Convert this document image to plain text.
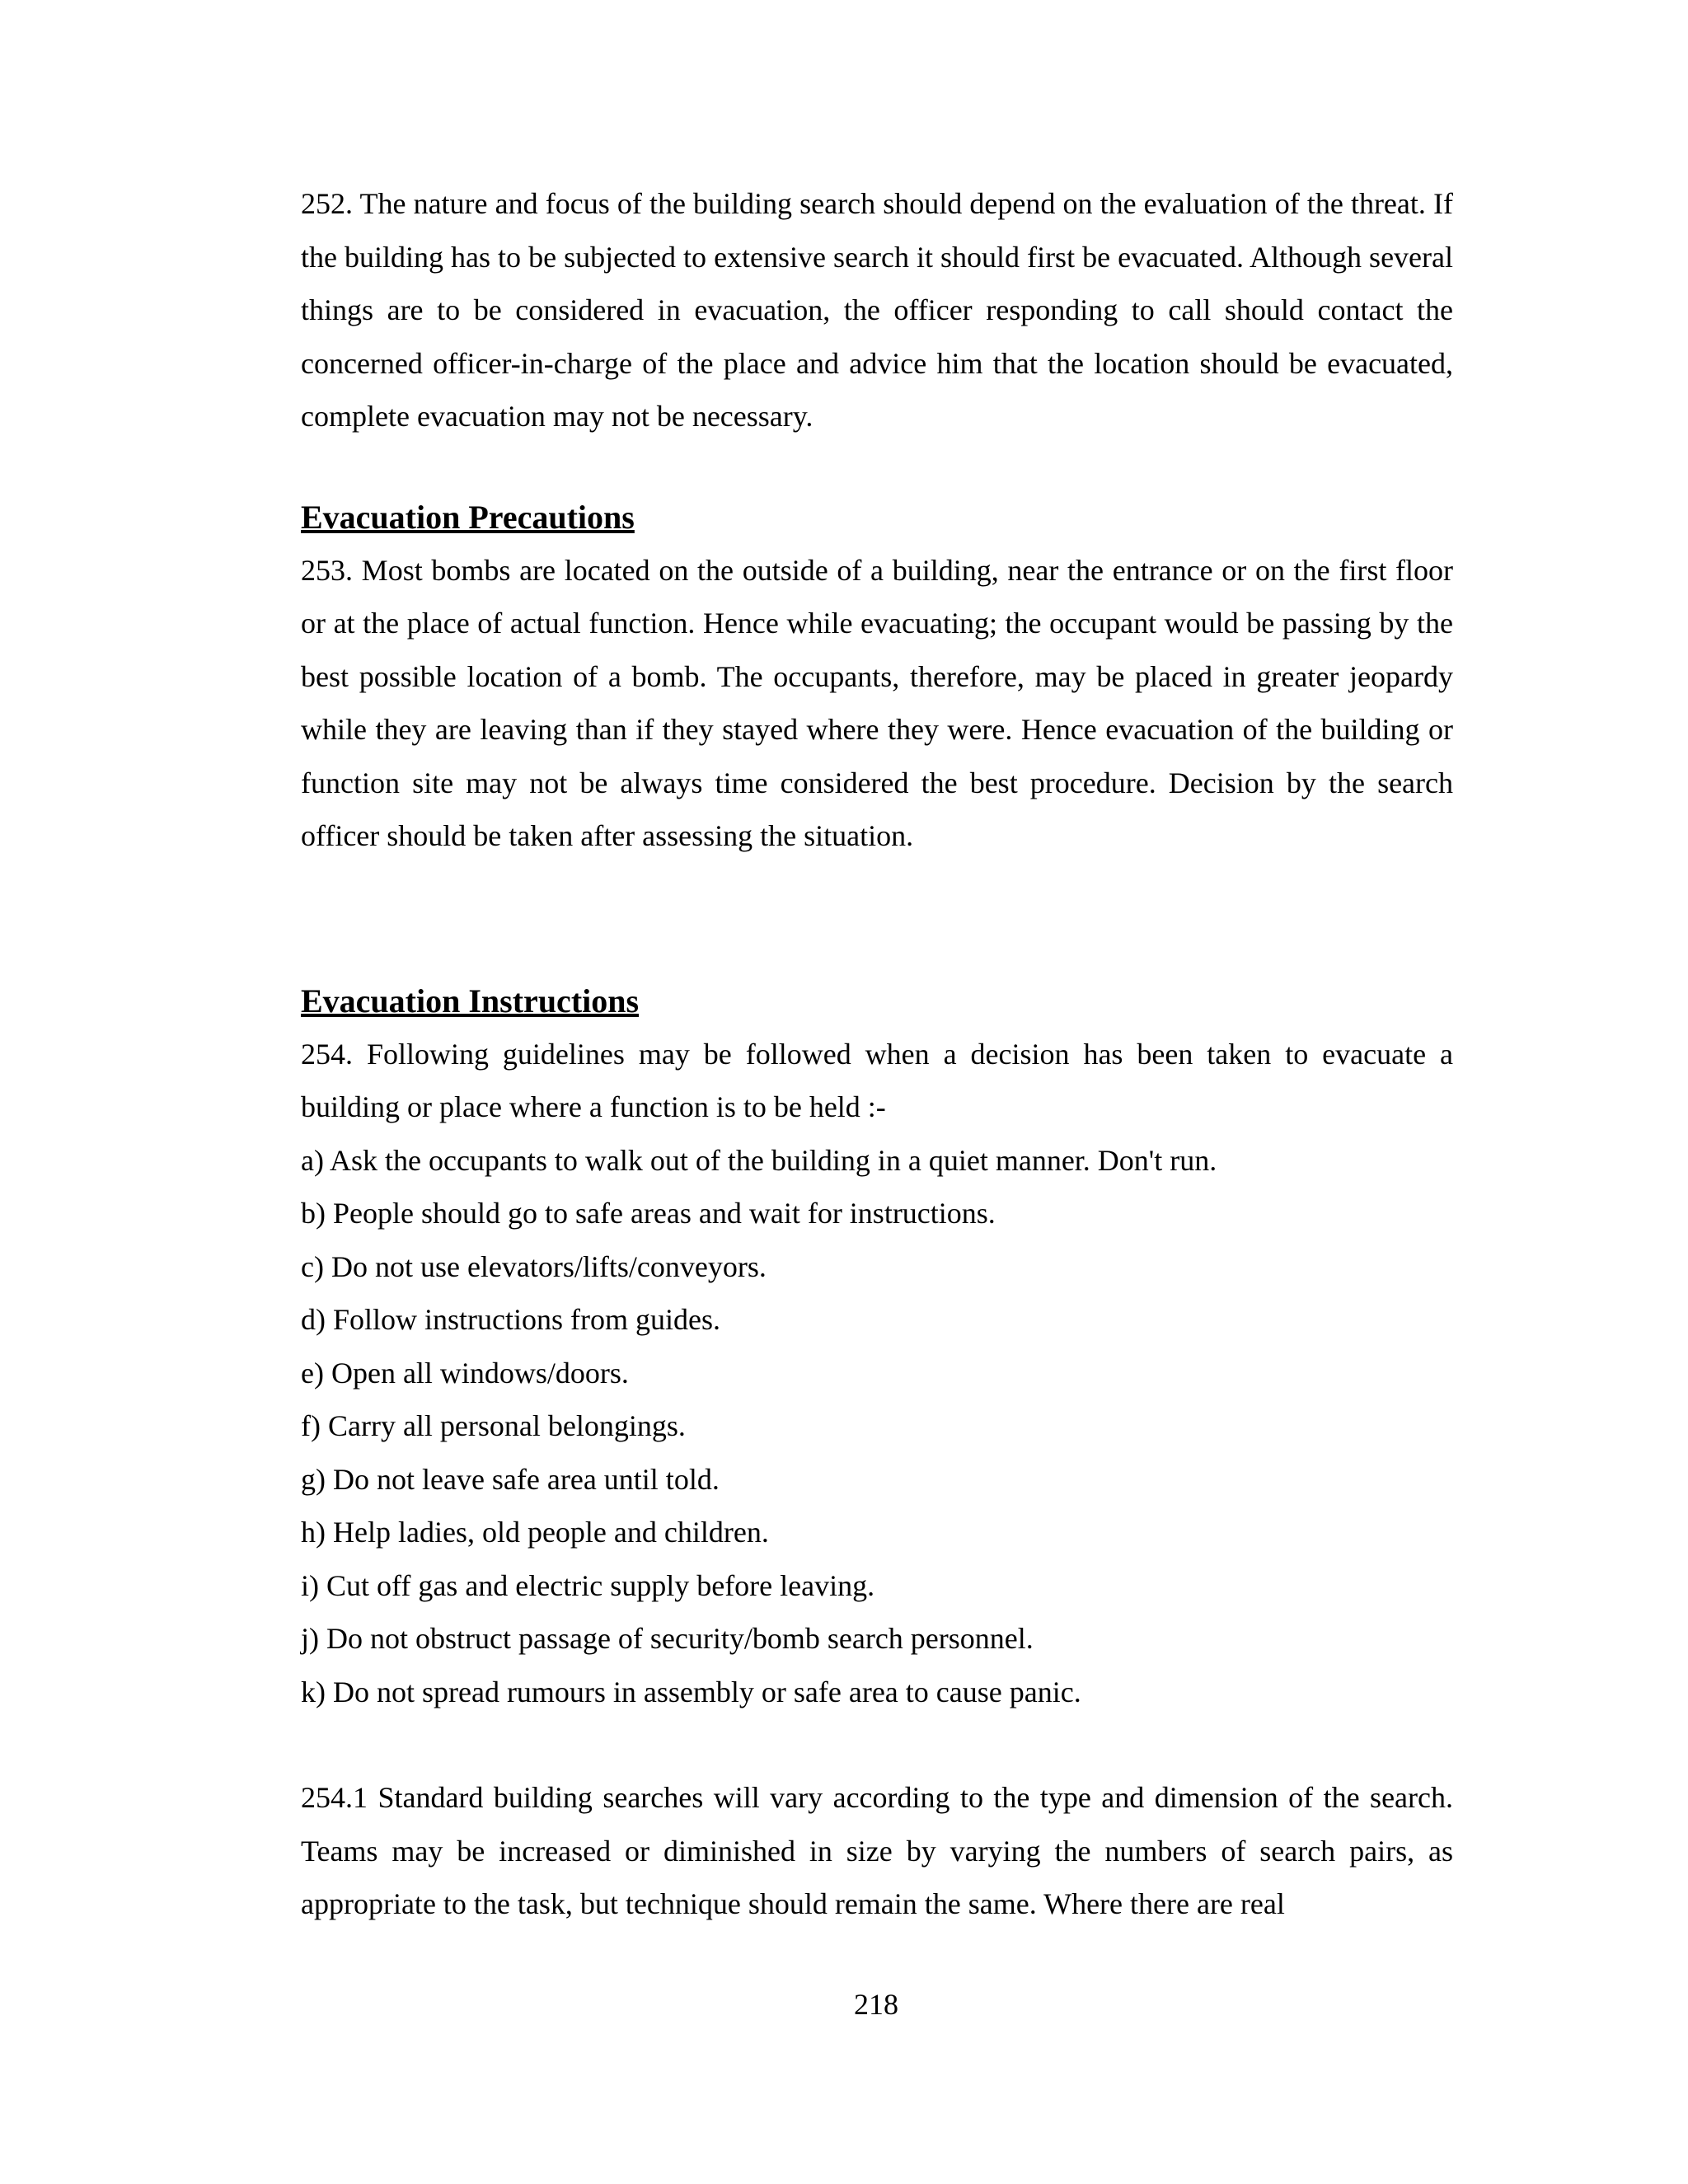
252. The nature and focus of the building search should depend on the evaluation of the threat. If the building has to be subjected to extensive search it should first be evacuated. Although several things are to be considered in evacuation, the officer responding to call should contact the concerned officer-in-charge of the place and advice him that the location should be evacuated, complete evacuation may not be necessary.

Evacuation Precautions

253. Most bombs are located on the outside of a building, near the entrance or on the first floor or at the place of actual function. Hence while evacuating; the occupant would be passing by the best possible location of a bomb. The occupants, therefore, may be placed in greater jeopardy while they are leaving than if they stayed where they were. Hence evacuation of the building or function site may not be always time considered the best procedure. Decision by the search officer should be taken after assessing the situation.

Evacuation Instructions

254. Following guidelines may be followed when a decision has been taken to evacuate a building or place where a function is to be held :-

a) Ask the occupants to walk out of the building in a quiet manner. Don't run.
b) People should go to safe areas and wait for instructions.
c) Do not use elevators/lifts/conveyors.
d) Follow instructions from guides.
e) Open all windows/doors.
f) Carry all personal belongings.
g) Do not leave safe area until told.
h) Help ladies, old people and children.
i) Cut off gas and electric supply before leaving.
j) Do not obstruct passage of security/bomb search personnel.
k) Do not spread rumours in assembly or safe area to cause panic.

254.1 Standard building searches will vary according to the type and dimension of the search. Teams may be increased or diminished in size by varying the numbers of search pairs, as appropriate to the task, but technique should remain the same. Where there are real

218
